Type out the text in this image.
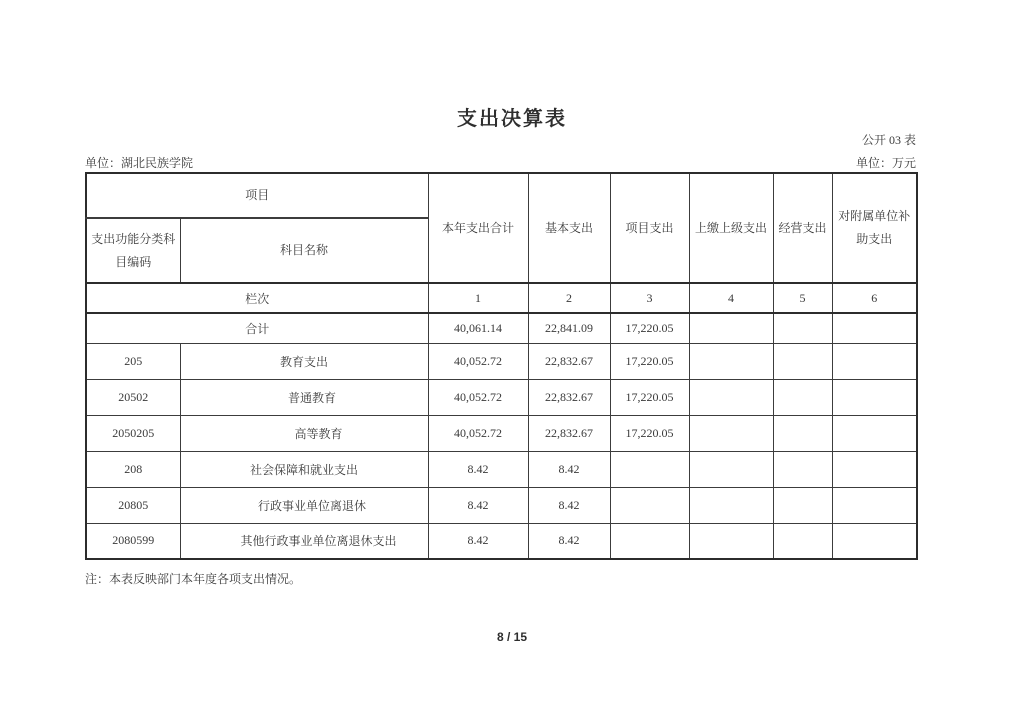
支出决算表
公开 03 表
单位：湖北民族学院	单位：万元
项目		本年支出合计	基本支出	项目支出	上缴上级支出	经营支出	对附属单位补助支出
支出功能分类科目编码	科目名称						
栏次		1	2	3	4	5	6
合计		40,061.14	22,841.09	17,220.05			
205	教育支出	40,052.72	22,832.67	17,220.05			
20502	普通教育	40,052.72	22,832.67	17,220.05			
2050205	高等教育	40,052.72	22,832.67	17,220.05			
208	社会保障和就业支出	8.42	8.42				
20805	行政事业单位离退休	8.42	8.42				
2080599	其他行政事业单位离退休支出	8.42	8.42				
注：本表反映部门本年度各项支出情况。
8 / 15
